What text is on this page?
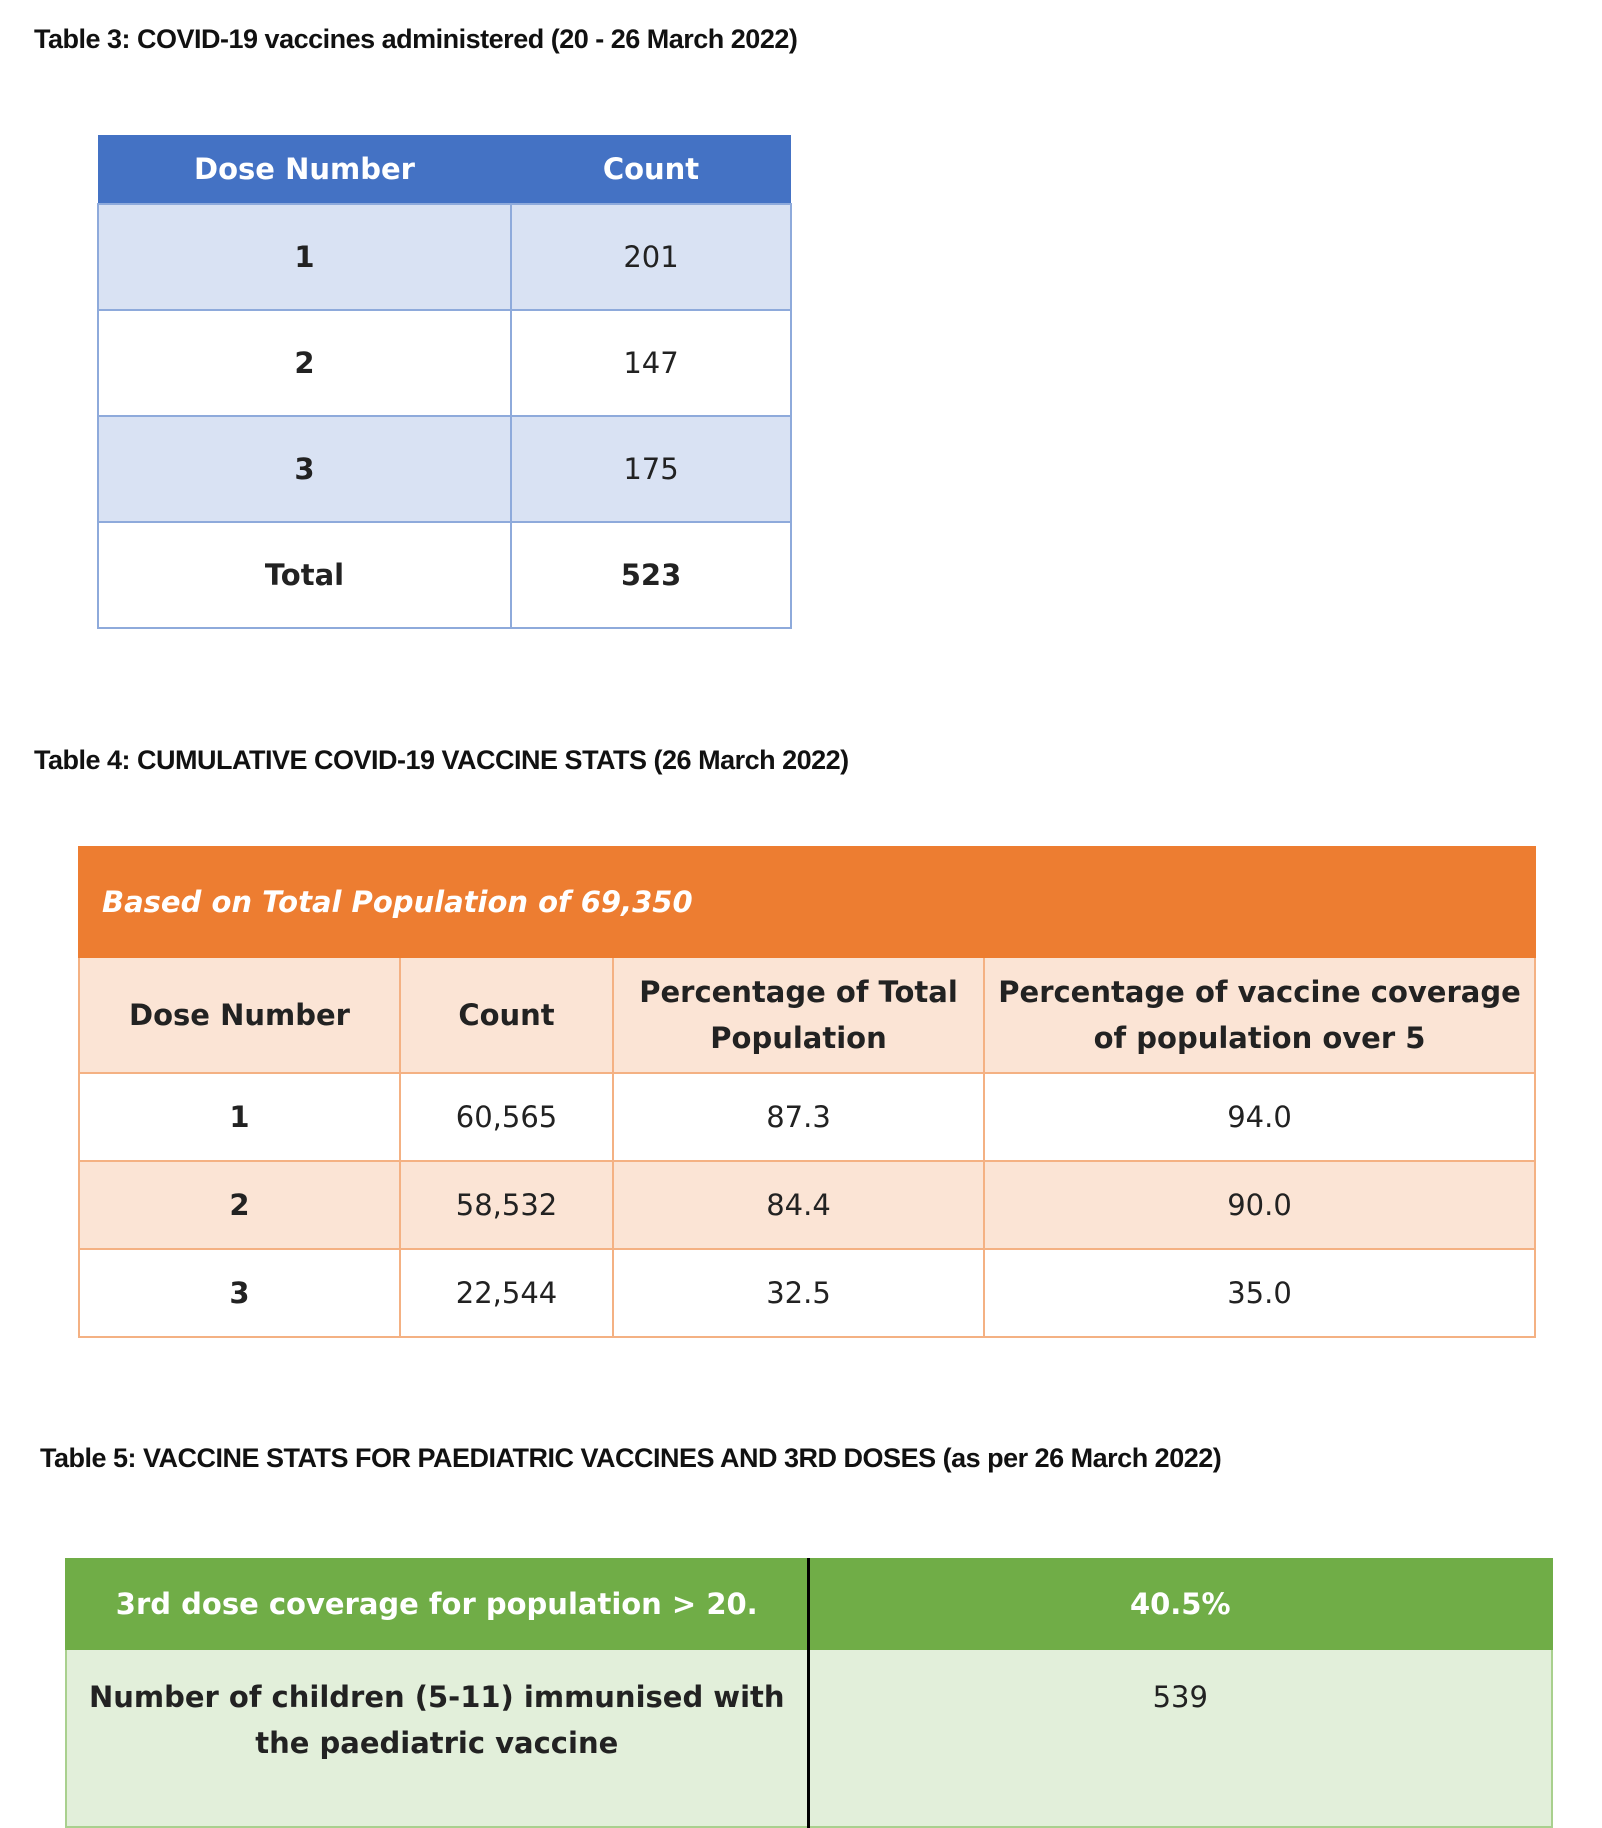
Table 3: COVID-19 vaccines administered (20 - 26 March 2022)
Dose Number	Count
1	201
2	147
3	175
Total	523
Table 4: CUMULATIVE COVID-19 VACCINE STATS (26 March 2022)
Based on Total Population of 69,350			
Dose Number	Count	Percentage of Total Population	Percentage of vaccine coverage of population over 5
1	60,565	87.3	94.0
2	58,532	84.4	90.0
3	22,544	32.5	35.0
Table 5: VACCINE STATS FOR PAEDIATRIC VACCINES AND 3RD DOSES (as per 26 March 2022)
3rd dose coverage for population > 20.	40.5%
Number of children (5-11) immunised with the paediatric vaccine	539
